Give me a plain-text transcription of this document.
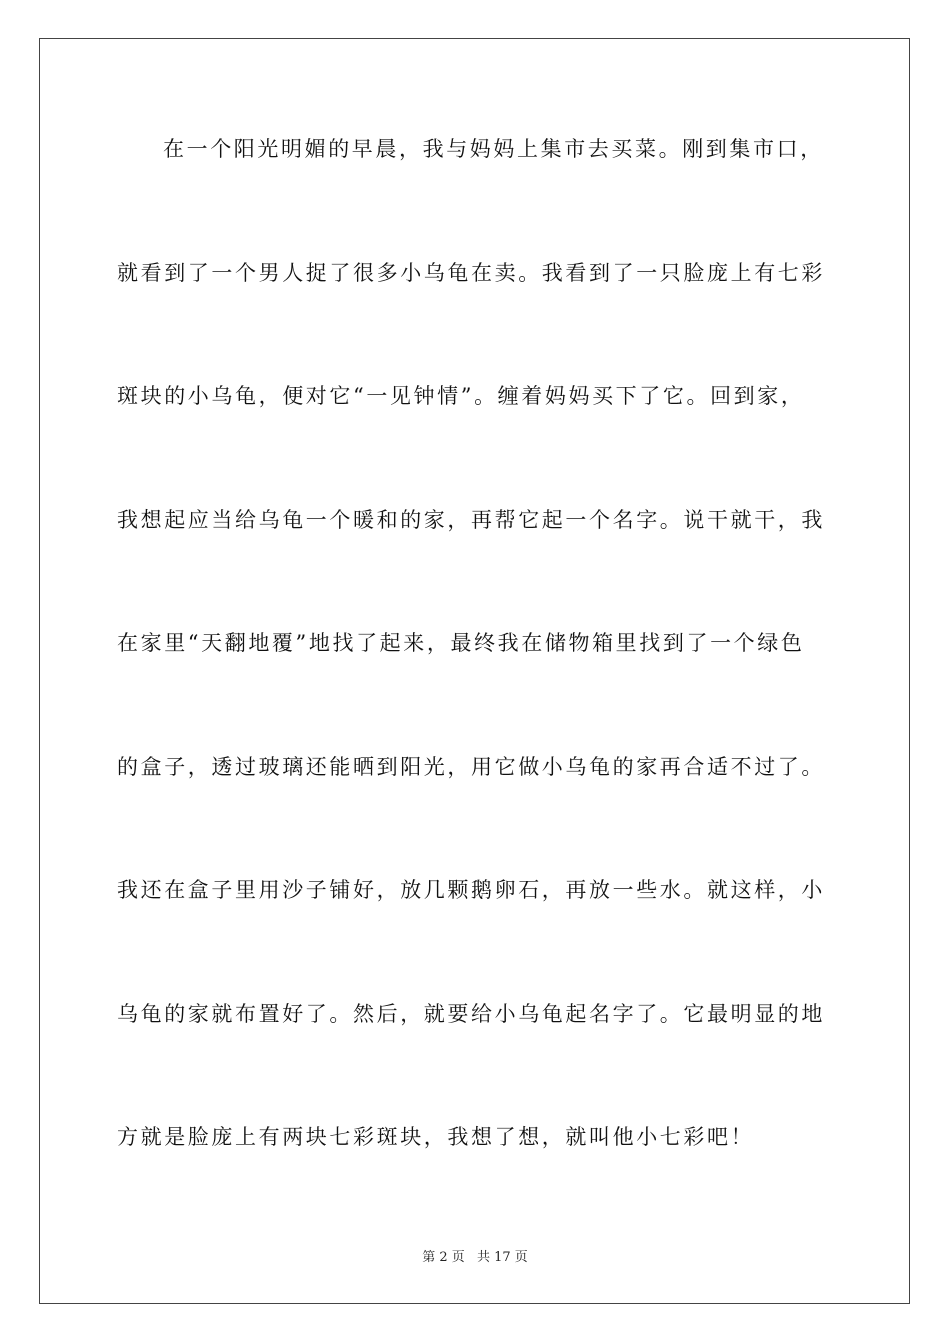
在一个阳光明媚的早晨，我与妈妈上集市去买菜。刚到集市口，
就看到了一个男人捉了很多小乌龟在卖。我看到了一只脸庞上有七彩
斑块的小乌龟，便对它“一见钟情”。缠着妈妈买下了它。回到家，
我想起应当给乌龟一个暖和的家，再帮它起一个名字。说干就干，我
在家里“天翻地覆”地找了起来，最终我在储物箱里找到了一个绿色
的盒子，透过玻璃还能晒到阳光，用它做小乌龟的家再合适不过了。
我还在盒子里用沙子铺好，放几颗鹅卵石，再放一些水。就这样，小
乌龟的家就布置好了。然后，就要给小乌龟起名字了。它最明显的地
方就是脸庞上有两块七彩斑块，我想了想，就叫他小七彩吧！
第 2 页 共 17 页
